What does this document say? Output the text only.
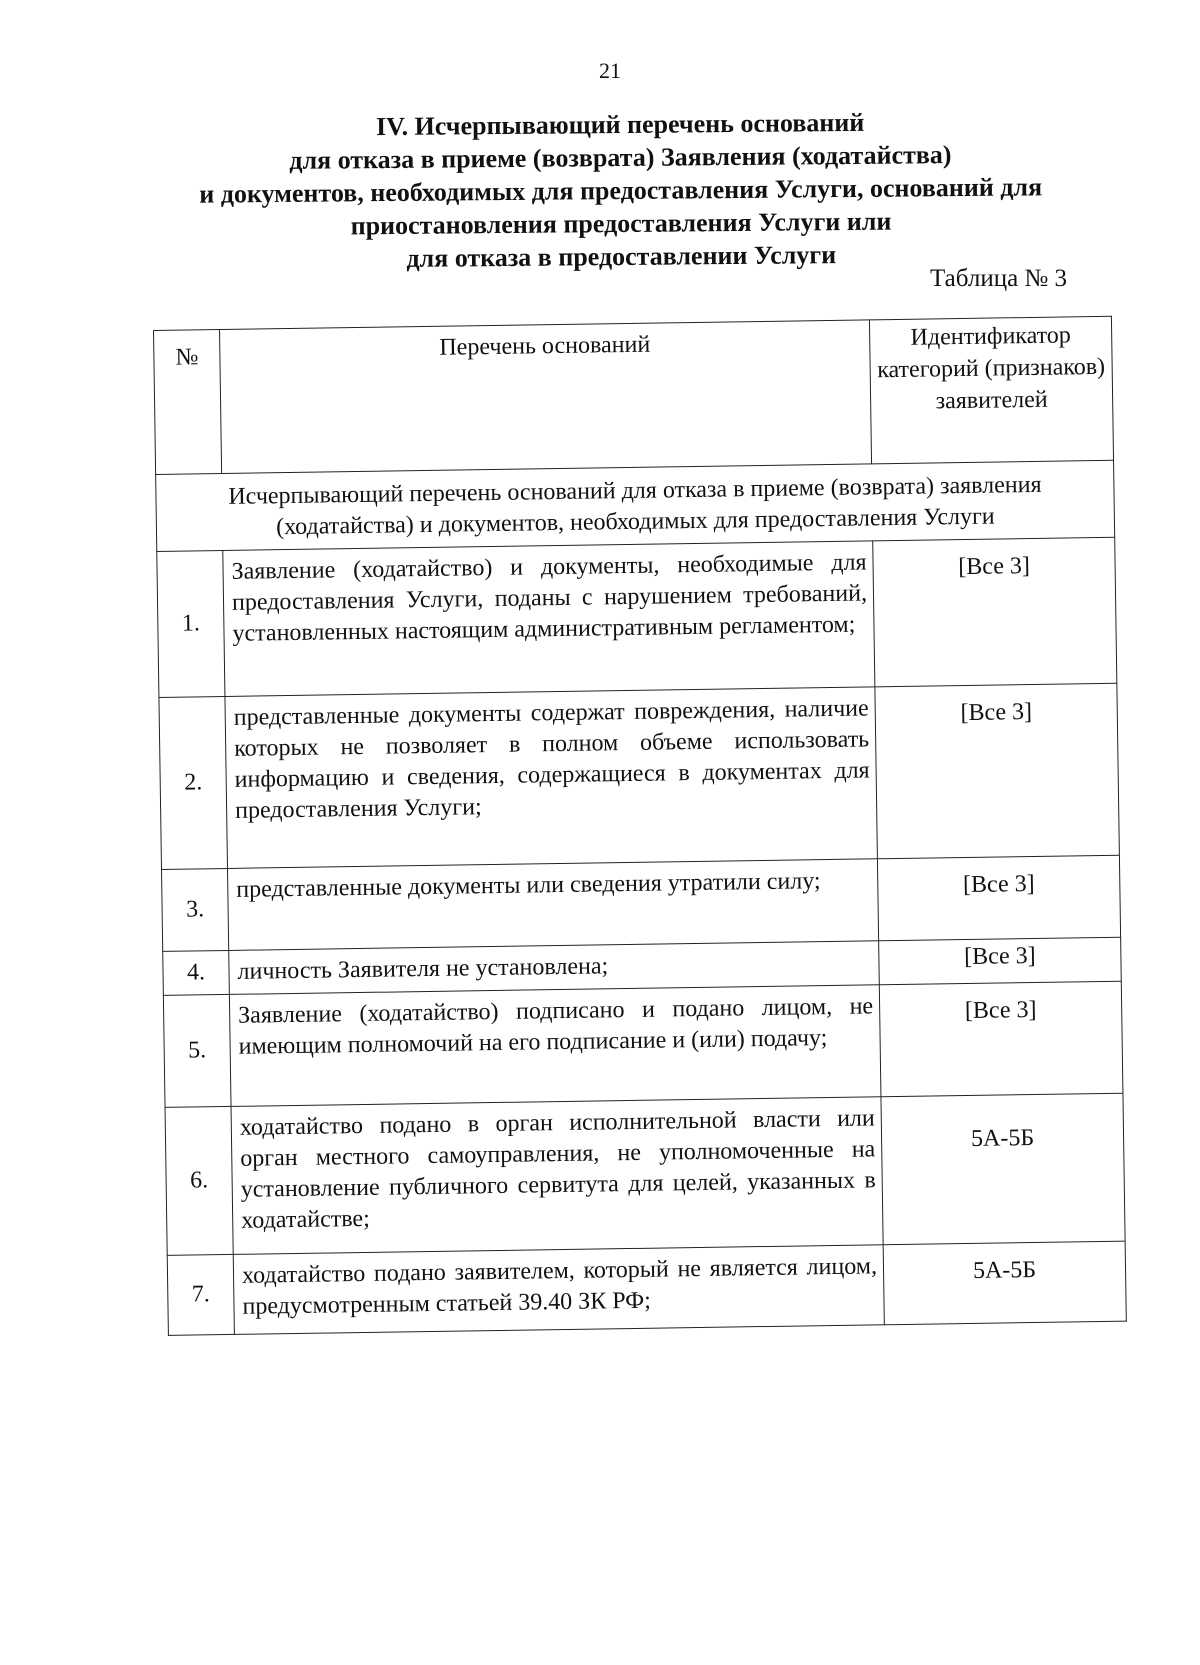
21
IV. Исчерпывающий перечень оснований
для отказа в приеме (возврата) Заявления (ходатайства)
и документов, необходимых для предоставления Услуги, оснований для
приостановления предоставления Услуги или
для отказа в предоставлении Услуги
Таблица № 3
№	Перечень оснований	Идентификатор категорий (признаков) заявителей
Исчерпывающий перечень оснований для отказа в приеме (возврата) заявления (ходатайства) и документов, необходимых для предоставления Услуги		
1.	Заявление (ходатайство) и документы, необходимые для предоставления Услуги, поданы с нарушением требований, установленных настоящим административным регламентом;	[Все 3]
2.	представленные документы содержат повреждения, наличие которых не позволяет в полном объеме использовать информацию и сведения, содержащиеся в документах для предоставления Услуги;	[Все 3]
3.	представленные документы или сведения утратили силу;	[Все 3]
4.	личность Заявителя не установлена;	[Все 3]
5.	Заявление (ходатайство) подписано и подано лицом, не имеющим полномочий на его подписание и (или) подачу;	[Все 3]
6.	ходатайство подано в орган исполнительной власти или орган местного самоуправления, не уполномоченные на установление публичного сервитута для целей, указанных в ходатайстве;	5А-5Б
7.	ходатайство подано заявителем, который не является лицом, предусмотренным статьей 39.40 ЗК РФ;	5А-5Б
